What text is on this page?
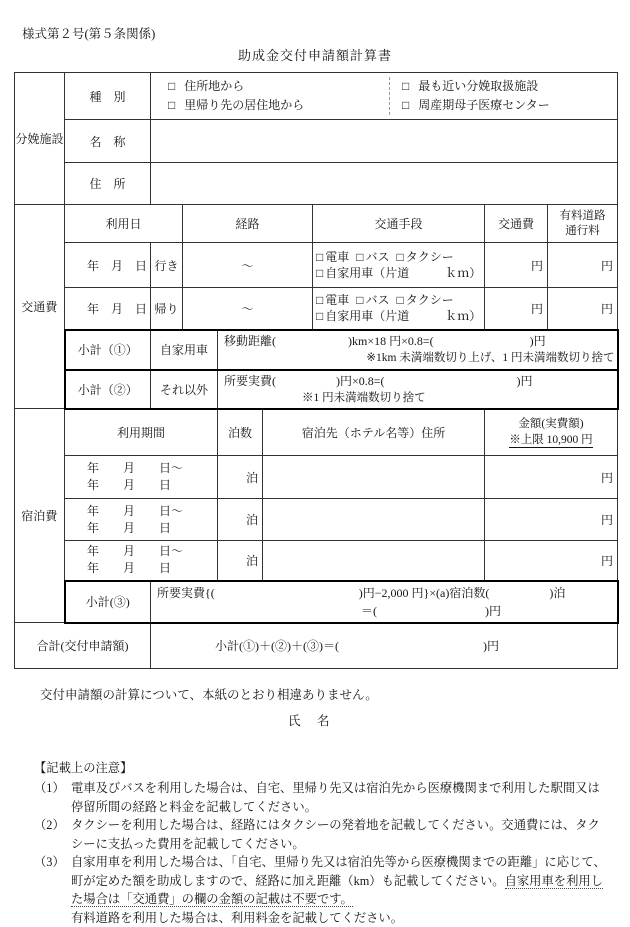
様式第２号(第５条関係)
助成金交付申請額計算書
分娩施設	種　別	□ 住所地から
□ 里帰り先の居住地から
□ 最も近い分娩取扱施設
□ 周産期母子医療センター						

	名　称							
	住　所							
交通費	利用日		経路			交通手段	交通費	有料道路
通行料

	年　月　日	行き	～			□ 電車 □ バス □ タクシー
□ 自家用車（片道　　　ｋｍ）	円	円
	年　月　日	帰り	～			□ 電車 □ バス □ タクシー
□ 自家用車（片道　　　ｋｍ）	円	円
	小計（①）	自家用車		移動距離(　　　　　　)km×18 円×0.8=(　　　　　　　　)円
※1km 未満端数切り上げ、1 円未満端数切り捨て				

	小計（②）	それ以外		所要実費(　　　　　)円×0.8=(　　　　　　　　　　　)円
※1 円未満端数切り捨て				

宿泊費	利用期間			泊数	宿泊先（ホテル名等）住所		金額(実費額)
※上限 10,900 円	

	年　　月　　日～
年　　月　　日			泊			円	

	年　　月　　日～
年　　月　　日			泊			円	

	年　　月　　日～
年　　月　　日			泊			円	
	小計(③)	所要実費{(　　　　　　　　　　　　)円−2,000 円}×(a)宿泊数(　　　　　)泊
＝(　　　　　　　　　)円						

合計(交付申請額)		小計(①)＋(②)＋(③)＝(　　　　　　　　　　　　)円						
交付申請額の計算について、本紙のとおり相違ありません。
氏　名
【記載上の注意】
（1） 電車及びバスを利用した場合は、自宅、里帰り先又は宿泊先から医療機関まで利用した駅間又は停留所間の経路と料金を記載してください。
（2） タクシーを利用した場合は、経路にはタクシーの発着地を記載してください。交通費には、タクシーに支払った費用を記載してください。
（3） 自家用車を利用した場合は、「自宅、里帰り先又は宿泊先等から医療機関までの距離」に応じて、町が定めた額を助成しますので、経路に加え距離（km）も記載してください。自家用車を利用した場合は「交通費」の欄の金額の記載は不要です。
有料道路を利用した場合は、利用料金を記載してください。
